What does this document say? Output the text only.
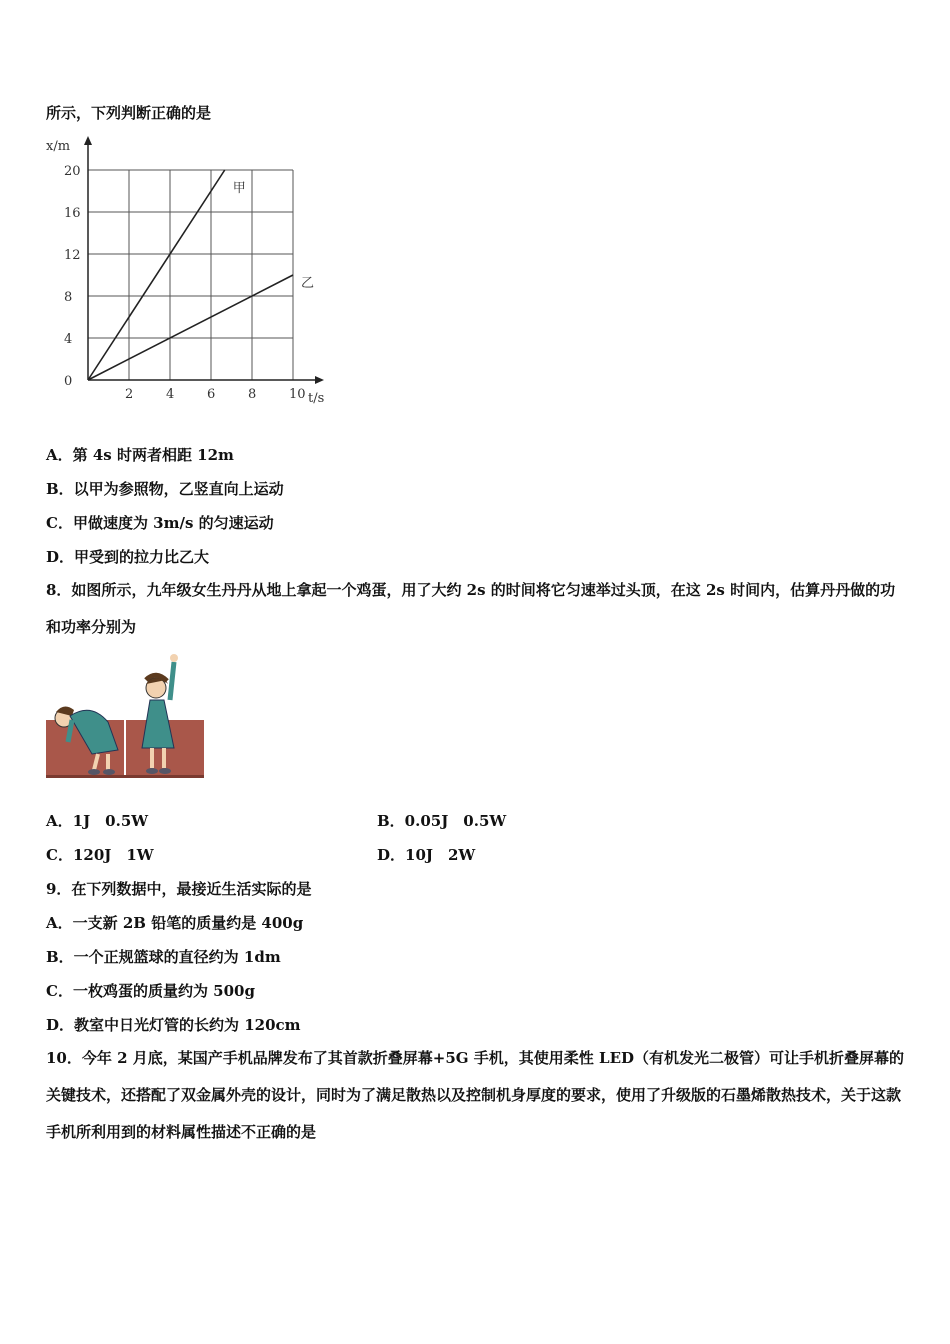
所示，下列判断正确的是
2	4	6	8	10
0
4
8
12
16
20
甲
乙
x/m
t/s
A．第 4s 时两者相距 12m
B．以甲为参照物，乙竖直向上运动
C．甲做速度为 3m/s 的匀速运动
D．甲受到的拉力比乙大
8．如图所示，九年级女生丹丹从地上拿起一个鸡蛋，用了大约 2s 的时间将它匀速举过头顶，在这 2s 时间内，估算丹丹做的功和功率分别为
A．1J　0.5W	B．0.05J　0.5W
C．120J　1W	D．10J　2W
9．在下列数据中，最接近生活实际的是
A．一支新 2B 铅笔的质量约是 400g
B．一个正规篮球的直径约为 1dm
C．一枚鸡蛋的质量约为 500g
D．教室中日光灯管的长约为 120cm
10．今年 2 月底，某国产手机品牌发布了其首款折叠屏幕+5G 手机，其使用柔性 LED（有机发光二极管）可让手机折叠屏幕的关键技术，还搭配了双金属外壳的设计，同时为了满足散热以及控制机身厚度的要求，使用了升级版的石墨烯散热技术，关于这款手机所利用到的材料属性描述不正确的是
